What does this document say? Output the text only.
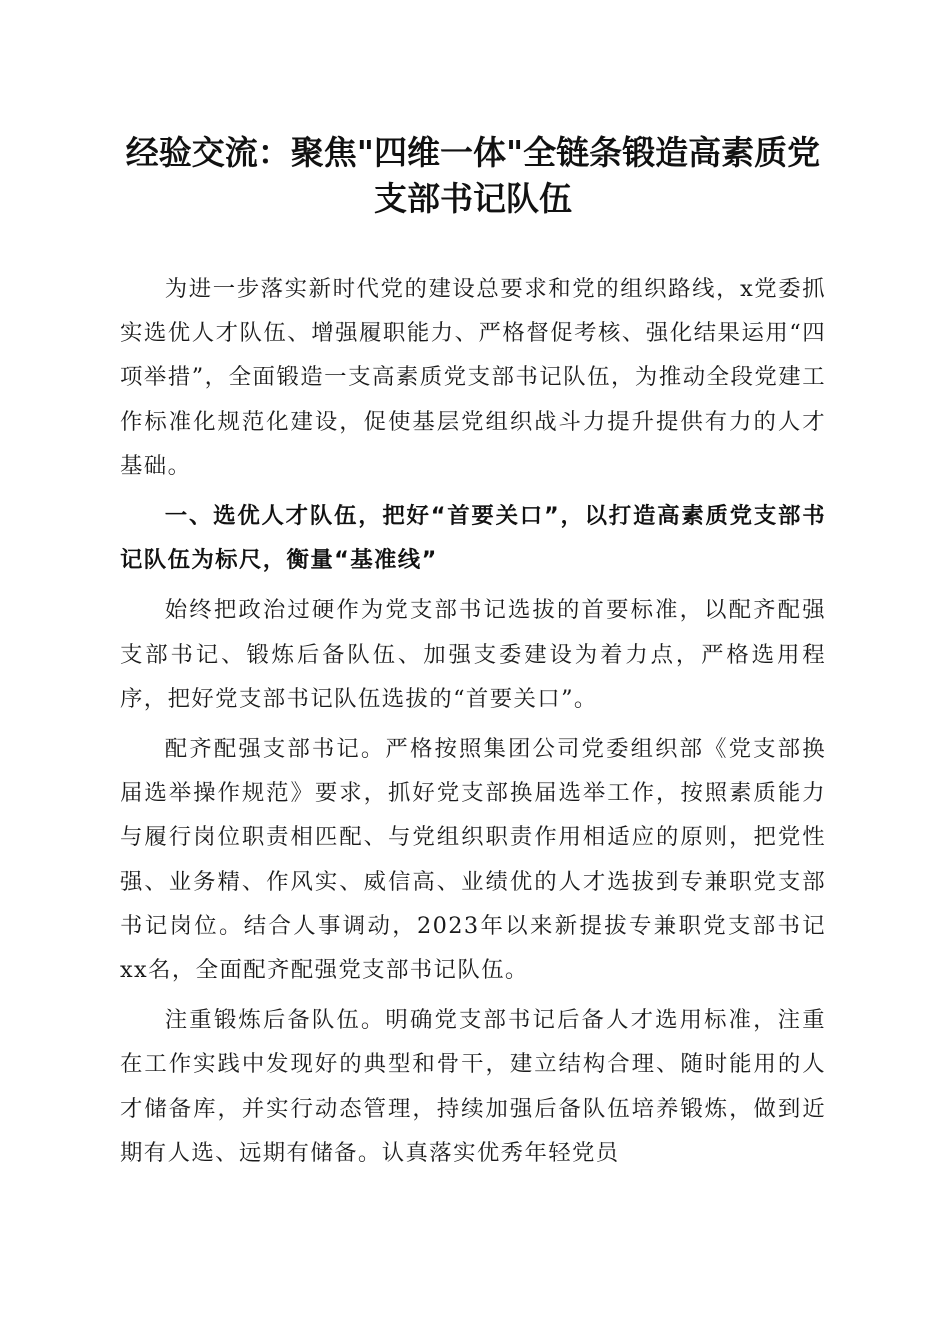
经验交流：聚焦"四维一体"全链条锻造高素质党支部书记队伍

为进一步落实新时代党的建设总要求和党的组织路线，x党委抓实选优人才队伍、增强履职能力、严格督促考核、强化结果运用“四项举措”，全面锻造一支高素质党支部书记队伍，为推动全段党建工作标准化规范化建设，促使基层党组织战斗力提升提供有力的人才基础。

一、选优人才队伍，把好“首要关口”，以打造高素质党支部书记队伍为标尺，衡量“基准线”

始终把政治过硬作为党支部书记选拔的首要标准，以配齐配强支部书记、锻炼后备队伍、加强支委建设为着力点，严格选用程序，把好党支部书记队伍选拔的“首要关口”。

配齐配强支部书记。严格按照集团公司党委组织部《党支部换届选举操作规范》要求，抓好党支部换届选举工作，按照素质能力与履行岗位职责相匹配、与党组织职责作用相适应的原则，把党性强、业务精、作风实、威信高、业绩优的人才选拔到专兼职党支部书记岗位。结合人事调动，2023年以来新提拔专兼职党支部书记xx名，全面配齐配强党支部书记队伍。

注重锻炼后备队伍。明确党支部书记后备人才选用标准，注重在工作实践中发现好的典型和骨干，建立结构合理、随时能用的人才储备库，并实行动态管理，持续加强后备队伍培养锻炼，做到近期有人选、远期有储备。认真落实优秀年轻党员
